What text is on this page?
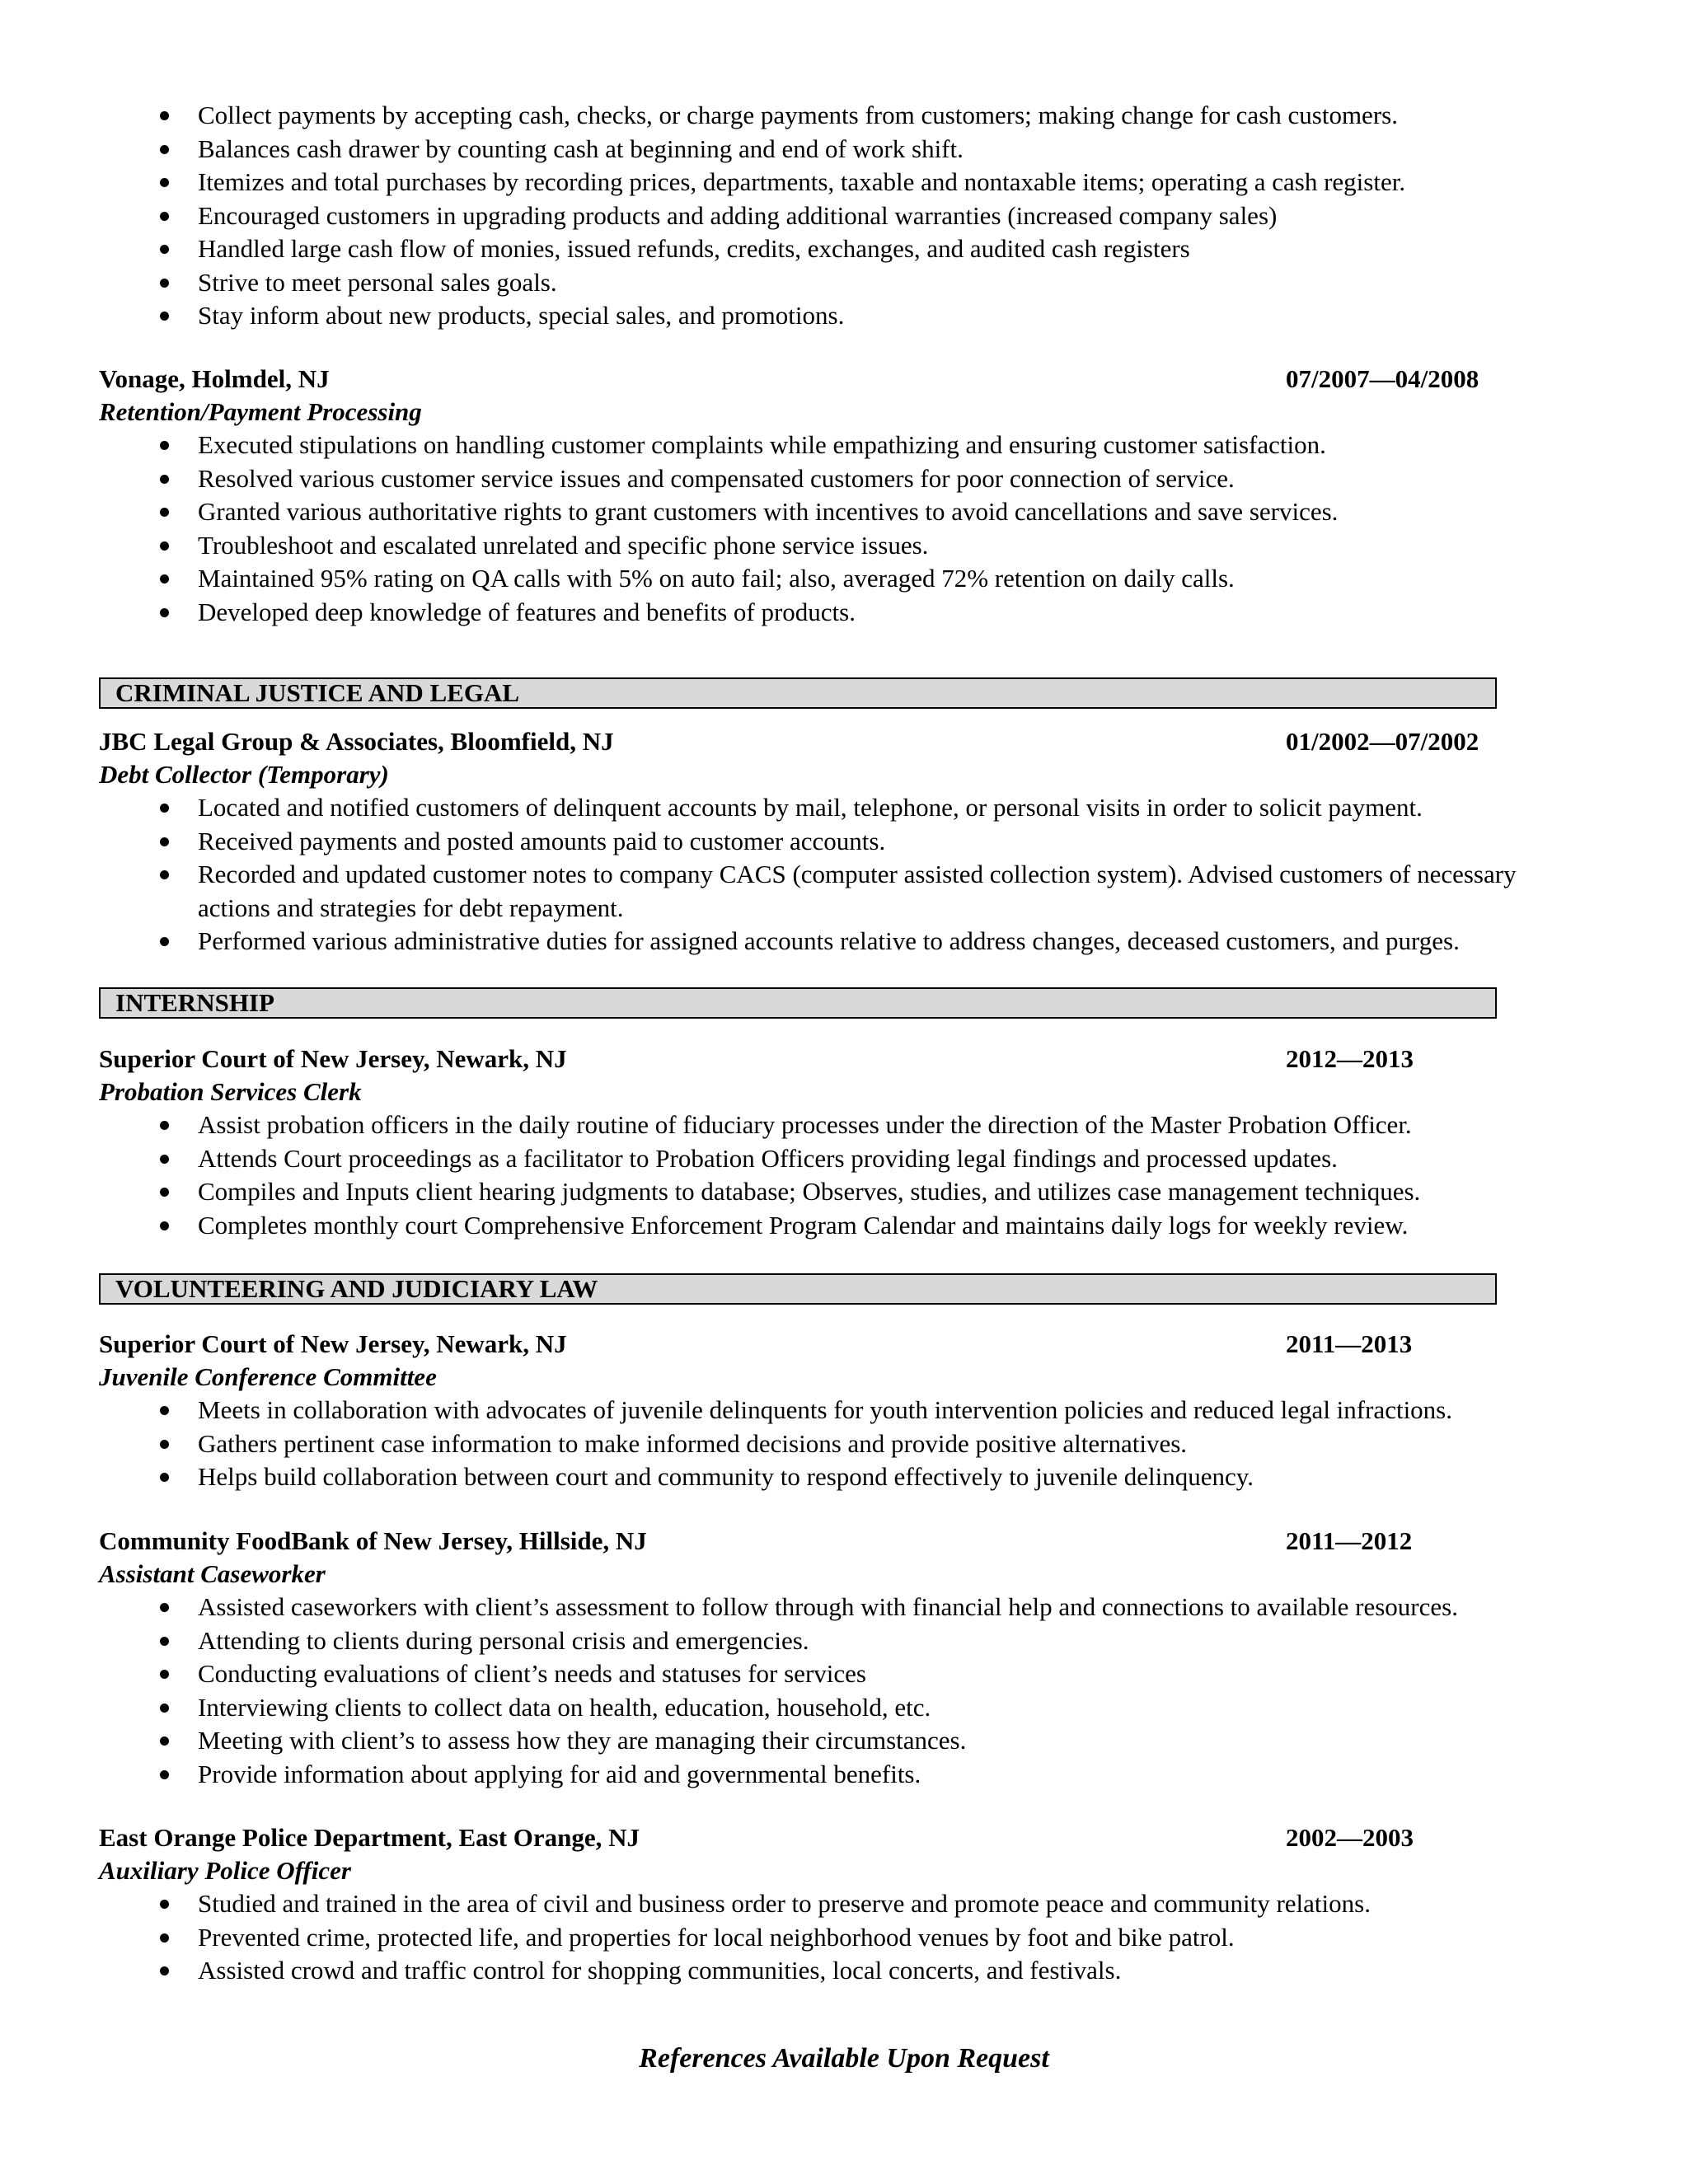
Collect payments by accepting cash, checks, or charge payments from customers; making change for cash customers.
Balances cash drawer by counting cash at beginning and end of work shift.
Itemizes and total purchases by recording prices, departments, taxable and nontaxable items; operating a cash register.
Encouraged customers in upgrading products and adding additional warranties (increased company sales)
Handled large cash flow of monies, issued refunds, credits, exchanges, and audited cash registers
Strive to meet personal sales goals.
Stay inform about new products, special sales, and promotions.
Vonage, Holmdel, NJ	07/2007—04/2008
Retention/Payment Processing
Executed stipulations on handling customer complaints while empathizing and ensuring customer satisfaction.
Resolved various customer service issues and compensated customers for poor connection of service.
Granted various authoritative rights to grant customers with incentives to avoid cancellations and save services.
Troubleshoot and escalated unrelated and specific phone service issues.
Maintained 95% rating on QA calls with 5% on auto fail; also, averaged 72% retention on daily calls.
Developed deep knowledge of features and benefits of products.
CRIMINAL JUSTICE AND LEGAL
JBC Legal Group & Associates, Bloomfield, NJ	01/2002—07/2002
Debt Collector (Temporary)
Located and notified customers of delinquent accounts by mail, telephone, or personal visits in order to solicit payment.
Received payments and posted amounts paid to customer accounts.
Recorded and updated customer notes to company CACS (computer assisted collection system). Advised customers of necessary actions and strategies for debt repayment.
Performed various administrative duties for assigned accounts relative to address changes, deceased customers, and purges.
INTERNSHIP
Superior Court of New Jersey, Newark, NJ	2012—2013
Probation Services Clerk
Assist probation officers in the daily routine of fiduciary processes under the direction of the Master Probation Officer.
Attends Court proceedings as a facilitator to Probation Officers providing legal findings and processed updates.
Compiles and Inputs client hearing judgments to database; Observes, studies, and utilizes case management techniques.
Completes monthly court Comprehensive Enforcement Program Calendar and maintains daily logs for weekly review.
VOLUNTEERING AND JUDICIARY LAW
Superior Court of New Jersey, Newark, NJ	2011—2013
Juvenile Conference Committee
Meets in collaboration with advocates of juvenile delinquents for youth intervention policies and reduced legal infractions.
Gathers pertinent case information to make informed decisions and provide positive alternatives.
Helps build collaboration between court and community to respond effectively to juvenile delinquency.
Community FoodBank of New Jersey, Hillside, NJ	2011—2012
Assistant Caseworker
Assisted caseworkers with client’s assessment to follow through with financial help and connections to available resources.
Attending to clients during personal crisis and emergencies.
Conducting evaluations of client’s needs and statuses for services
Interviewing clients to collect data on health, education, household, etc.
Meeting with client’s to assess how they are managing their circumstances.
Provide information about applying for aid and governmental benefits.
East Orange Police Department, East Orange, NJ	2002—2003
Auxiliary Police Officer
Studied and trained in the area of civil and business order to preserve and promote peace and community relations.
Prevented crime, protected life, and properties for local neighborhood venues by foot and bike patrol.
Assisted crowd and traffic control for shopping communities, local concerts, and festivals.
References Available Upon Request
